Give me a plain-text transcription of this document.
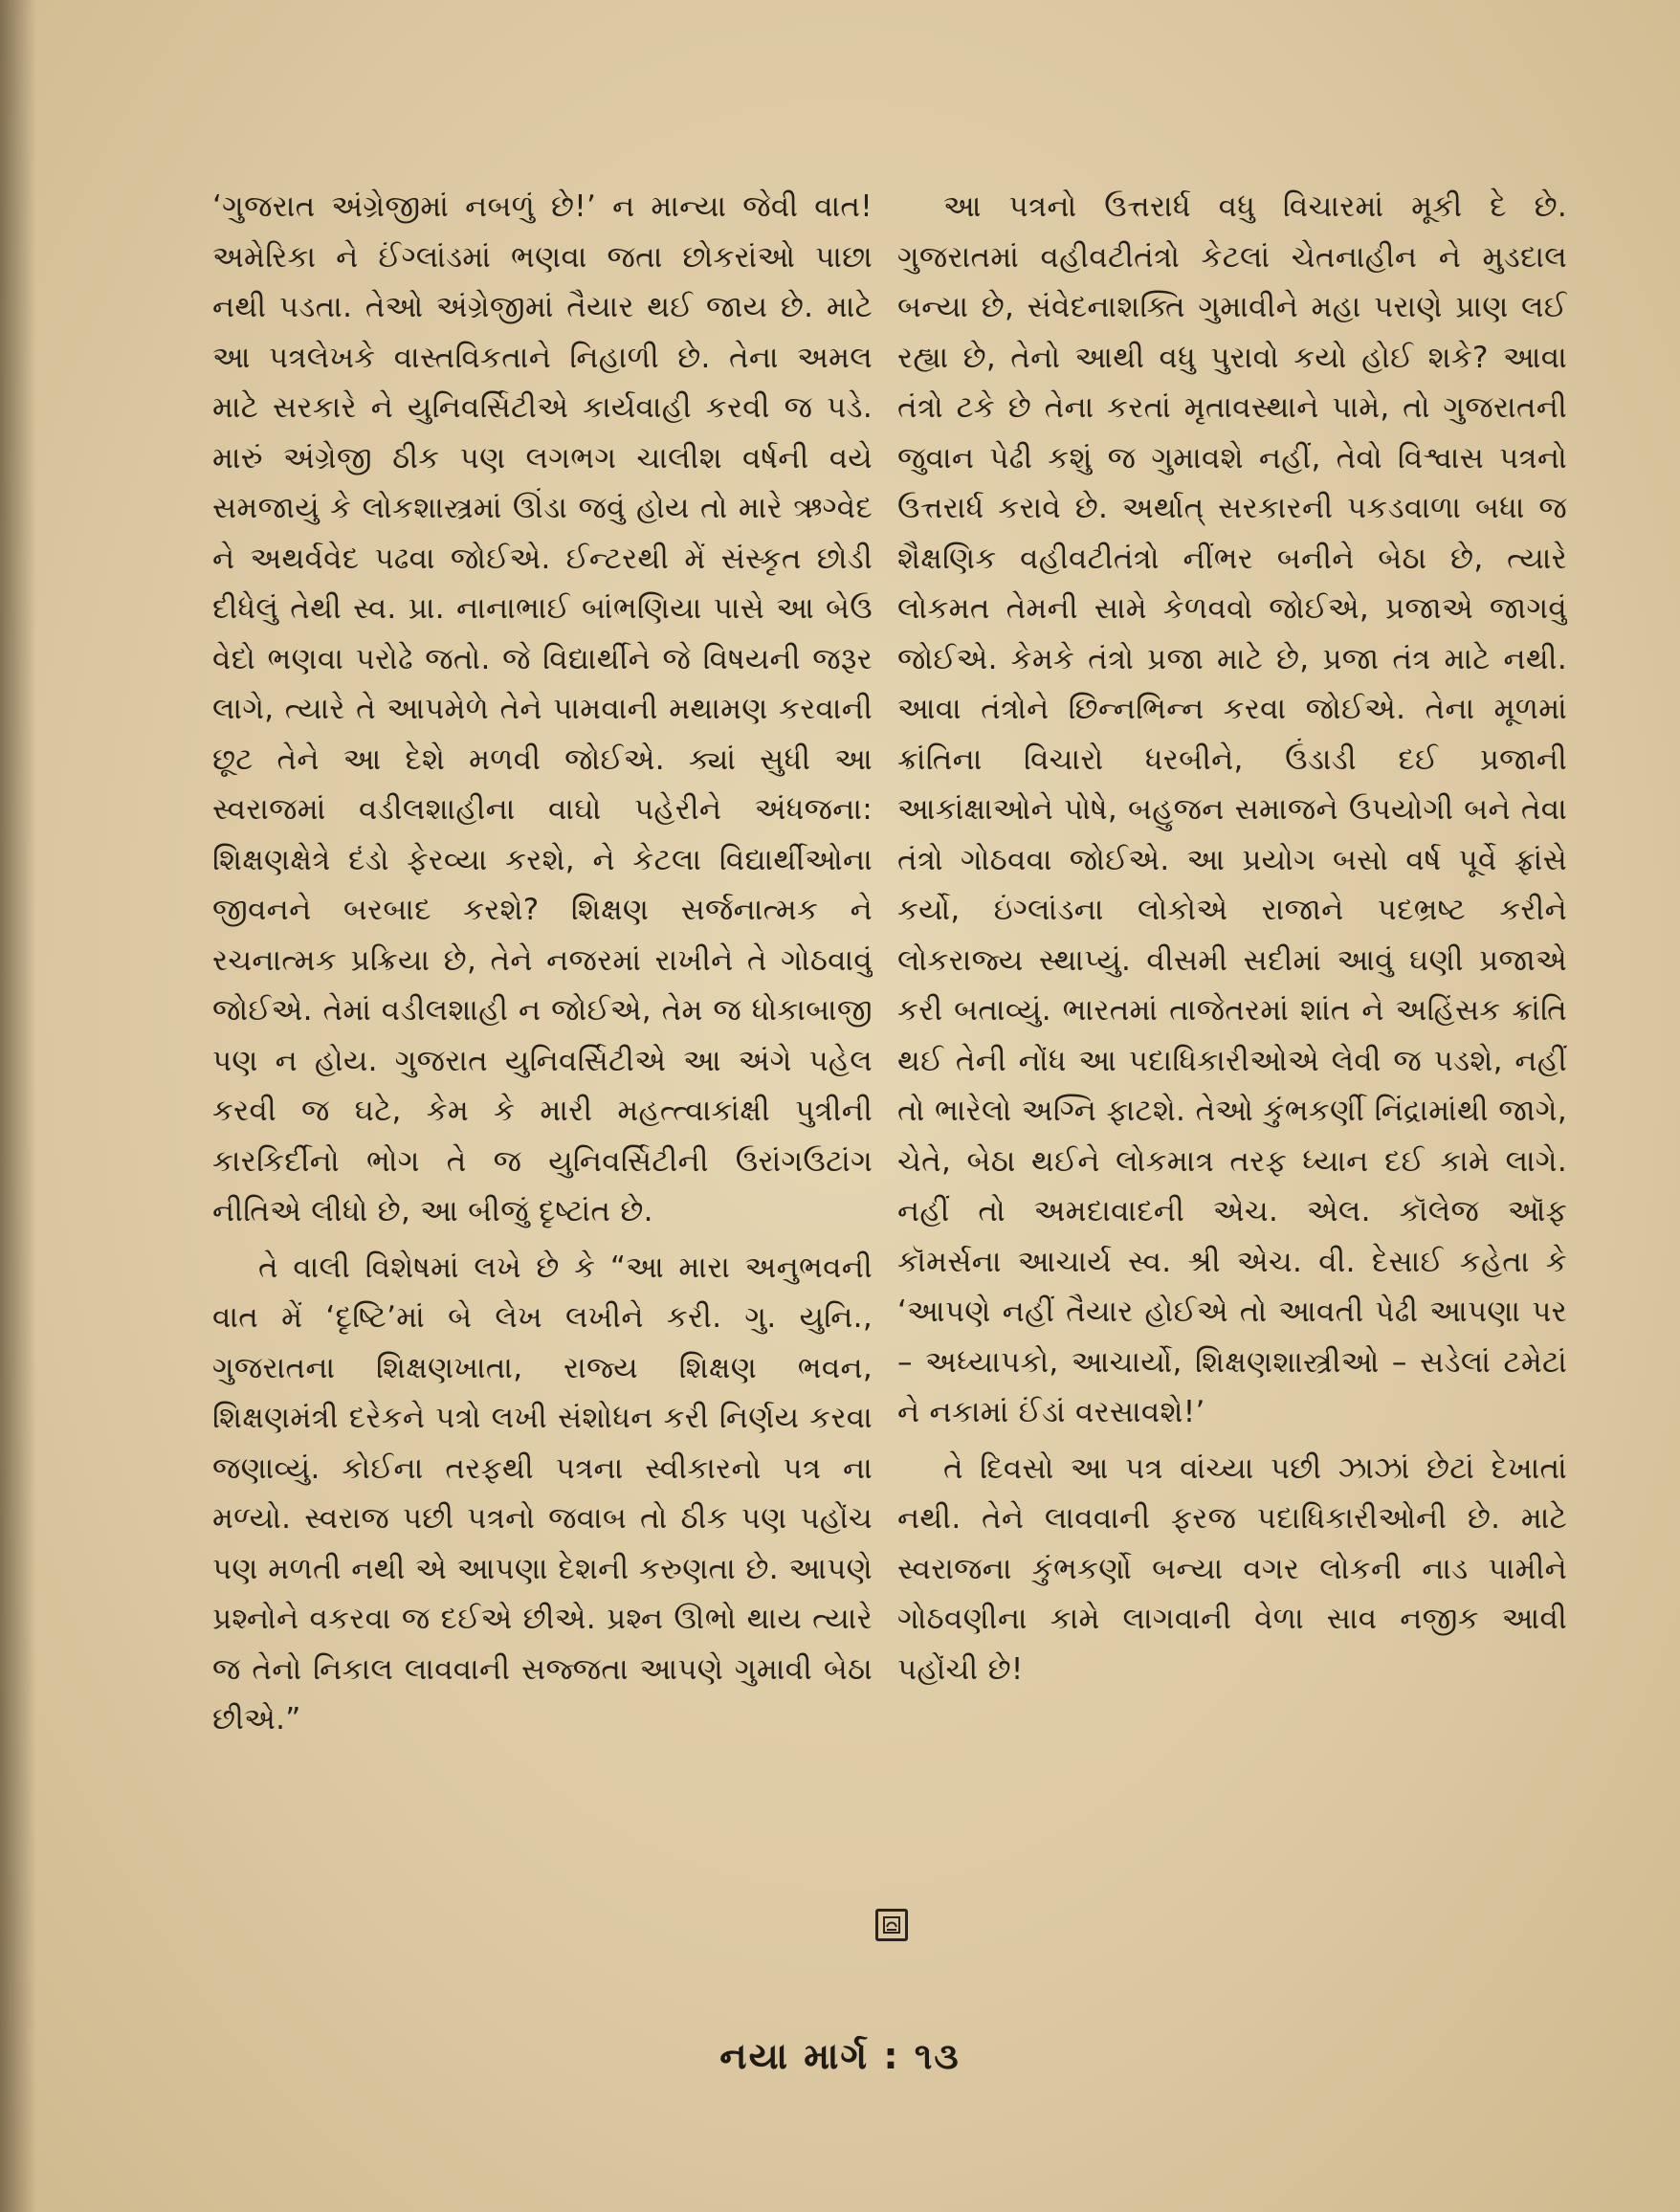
‘ગુજરાત અંગ્રેજીમાં નબળું છે!’ ન માન્યા જેવી વાત! અમેરિકા ને ઈંગ્લાંડમાં ભણવા જતા છોકરાંઓ પાછા નથી પડતા. તેઓ અંગ્રેજીમાં તૈયાર થઈ જાય છે. માટે આ પત્રલેખકે વાસ્તવિકતાને નિહાળી છે. તેના અમલ માટે સરકારે ને યુનિવર્સિટીએ કાર્યવાહી કરવી જ પડે. મારું અંગ્રેજી ઠીક પણ લગભગ ચાલીશ વર્ષની વયે સમજાયું કે લોકશાસ્ત્રમાં ઊંડા જવું હોય તો મારે ઋગ્વેદ ને અથર્વવેદ પઢવા જોઈએ. ઈન્ટરથી મેં સંસ્કૃત છોડી દીધેલું તેથી સ્વ. પ્રા. નાનાભાઈ બાંભણિયા પાસે આ બેઉ વેદો ભણવા પરોઢે જતો. જે વિદ્યાર્થીને જે વિષયની જરૂર લાગે, ત્યારે તે આપમેળે તેને પામવાની મથામણ કરવાની છૂટ તેને આ દેશે મળવી જોઈએ. ક્યાં સુધી આ સ્વરાજમાં વડીલશાહીના વાઘો પહેરીને અંધજના: શિક્ષણક્ષેત્રે દંડો ફેરવ્યા કરશે, ને કેટલા વિદ્યાર્થીઓના જીવનને બરબાદ કરશે? શિક્ષણ સર્જનાત્મક ને રચનાત્મક પ્રક્રિયા છે, તેને નજરમાં રાખીને તે ગોઠવાવું જોઈએ. તેમાં વડીલશાહી ન જોઈએ, તેમ જ ધોકાબાજી પણ ન હોય. ગુજરાત યુનિવર્સિટીએ આ અંગે પહેલ કરવી જ ઘટે, કેમ કે મારી મહત્ત્વાકાંક્ષી પુત્રીની કારકિર્દીનો ભોગ તે જ યુનિવર્સિટીની ઉરાંગઉટાંગ નીતિએ લીધો છે, આ બીજું દૃષ્ટાંત છે.

તે વાલી વિશેષમાં લખે છે કે “આ મારા અનુભવની વાત મેં ‘દૃષ્ટિ’માં બે લેખ લખીને કરી. ગુ. યુનિ., ગુજરાતના શિક્ષણખાતા, રાજ્ય શિક્ષણ ભવન, શિક્ષણમંત્રી દરેકને પત્રો લખી સંશોધન કરી નિર્ણય કરવા જણાવ્યું. કોઈના તરફથી પત્રના સ્વીકારનો પત્ર ના મળ્યો. સ્વરાજ પછી પત્રનો જવાબ તો ઠીક પણ પહોંચ પણ મળતી નથી એ આપણા દેશની કરુણતા છે. આપણે પ્રશ્નોને વકરવા જ દઈએ છીએ. પ્રશ્ન ઊભો થાય ત્યારે જ તેનો નિકાલ લાવવાની સજ્જતા આપણે ગુમાવી બેઠા છીએ.”

આ પત્રનો ઉત્તરાર્ધ વધુ વિચારમાં મૂકી દે છે. ગુજરાતમાં વહીવટીતંત્રો કેટલાં ચેતનાહીન ને મુડદાલ બન્યા છે, સંવેદનાશક્તિ ગુમાવીને મહા પરાણે પ્રાણ લઈ રહ્યા છે, તેનો આથી વધુ પુરાવો કયો હોઈ શકે? આવા તંત્રો ટકે છે તેના કરતાં મૃતાવસ્થાને પામે, તો ગુજરાતની જુવાન પેઢી કશું જ ગુમાવશે નહીં, તેવો વિશ્વાસ પત્રનો ઉત્તરાર્ધ કરાવે છે. અર્થાત્ સરકારની પકડવાળા બધા જ શૈક્ષણિક વહીવટીતંત્રો નીંભર બનીને બેઠા છે, ત્યારે લોકમત તેમની સામે કેળવવો જોઈએ, પ્રજાએ જાગવું જોઈએ. કેમકે તંત્રો પ્રજા માટે છે, પ્રજા તંત્ર માટે નથી. આવા તંત્રોને છિન્નભિન્ન કરવા જોઈએ. તેના મૂળમાં ક્રાંતિના વિચારો ધરબીને, ઉંડાડી દઈ પ્રજાની આકાંક્ષાઓને પોષે, બહુજન સમાજને ઉપયોગી બને તેવા તંત્રો ગોઠવવા જોઈએ. આ પ્રયોગ બસો વર્ષ પૂર્વે ફ્રાંસે કર્યો, ઇંગ્લાંડના લોકોએ રાજાને પદભ્રષ્ટ કરીને લોકરાજ્ય સ્થાપ્યું. વીસમી સદીમાં આવું ઘણી પ્રજાએ કરી બતાવ્યું. ભારતમાં તાજેતરમાં શાંત ને અહિંસક ક્રાંતિ થઈ તેની નોંધ આ પદાધિકારીઓએ લેવી જ પડશે, નહીં તો ભારેલો અગ્નિ ફાટશે. તેઓ કુંભકર્ણી નિંદ્રામાંથી જાગે, ચેતે, બેઠા થઈને લોકમાત્ર તરફ ધ્યાન દઈ કામે લાગે. નહીં તો અમદાવાદની એચ. એલ. કૉલેજ ઑફ કૉમર્સના આચાર્ય સ્વ. શ્રી એચ. વી. દેસાઈ કહેતા કે ‘આપણે નહીં તૈયાર હોઈએ તો આવતી પેઢી આપણા પર – અધ્યાપકો, આચાર્યો, શિક્ષણશાસ્ત્રીઓ – સડેલાં ટમેટાં ને નકામાં ઈંડાં વરસાવશે!’

તે દિવસો આ પત્ર વાંચ્યા પછી ઝાઝાં છેટાં દેખાતાં નથી. તેને લાવવાની ફરજ પદાધિકારીઓની છે. માટે સ્વરાજના કુંભકર્ણો બન્યા વગર લોકની નાડ પામીને ગોઠવણીના કામે લાગવાની વેળા સાવ નજીક આવી પહોંચી છે!

નયા માર્ગ : ૧૩
